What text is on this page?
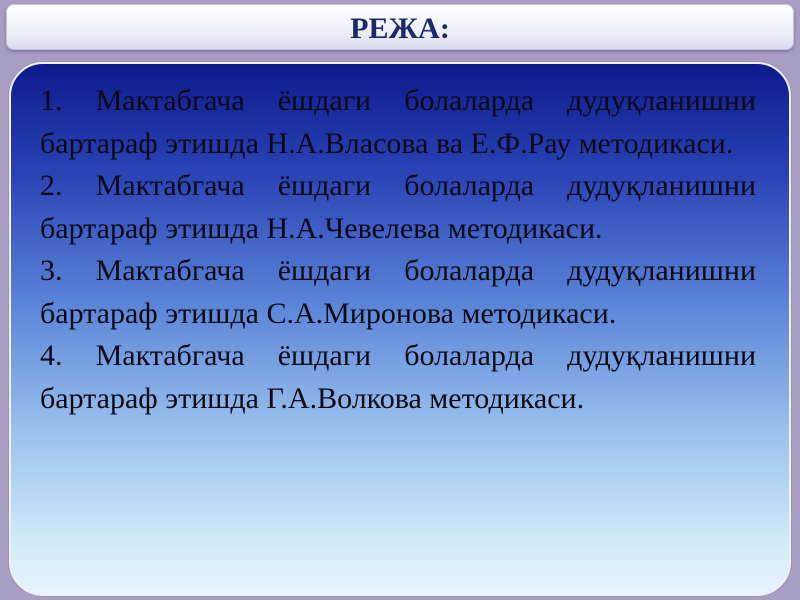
РЕЖА:
1. Мактабгача ёшдаги болаларда дудуқланишни бартараф этишда Н.А.Власова ва Е.Ф.Рау методикаси.
2. Мактабгача ёшдаги болаларда дудуқланишни бартараф этишда Н.А.Чевелева методикаси.
3. Мактабгача ёшдаги болаларда дудуқланишни бартараф этишда С.А.Миронова методикаси.
4. Мактабгача ёшдаги болаларда дудуқланишни бартараф этишда Г.А.Волкова методикаси.
